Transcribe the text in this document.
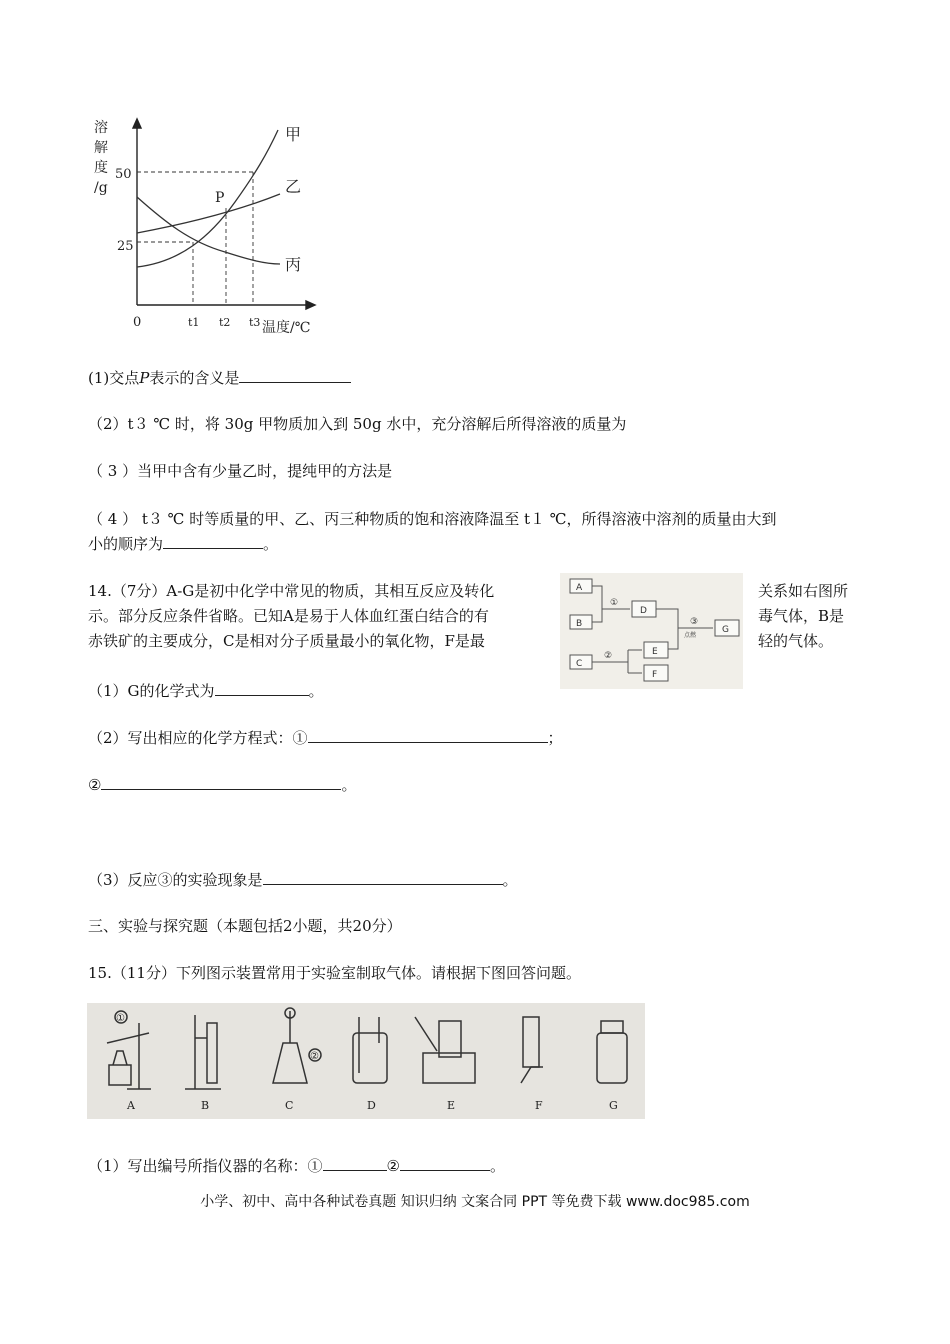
溶
解
度
/g
50
25
0	t1 t2 t3 温度/℃
P
甲
乙
丙
(1)交点P表示的含义是
（2）t３ ℃ 时，将 30g 甲物质加入到 50g 水中，充分溶解后所得溶液的质量为
（ 3 ）当甲中含有少量乙时，提纯甲的方法是
（ 4 ） t３ ℃ 时等质量的甲、乙、丙三种物质的饱和溶液降温至 t１ ℃，所得溶液中溶剂的质量由大到
小的顺序为	。
14.（7分）A-G是初中化学中常见的物质，其相互反应及转化
示。部分反应条件省略。已知A是易于人体血红蛋白结合的有
赤铁矿的主要成分，C是相对分子质量最小的氧化物，F是最
关系如右图所
毒气体，B是
轻的气体。
A
B
C
D
E
F
G
①
②
③
点燃
（1）G的化学式为	。
（2）写出相应的化学方程式：①	；
②	。
（3）反应③的实验现象是	。
三、实验与探究题（本题包括2小题，共20分）
15.（11分）下列图示装置常用于实验室制取气体。请根据下图回答问题。
A	B	C	D	E	F	G
①
②
（1）写出编号所指仪器的名称：①	②	。
小学、初中、高中各种试卷真题 知识归纳 文案合同 PPT 等免费下载 www.doc985.com
